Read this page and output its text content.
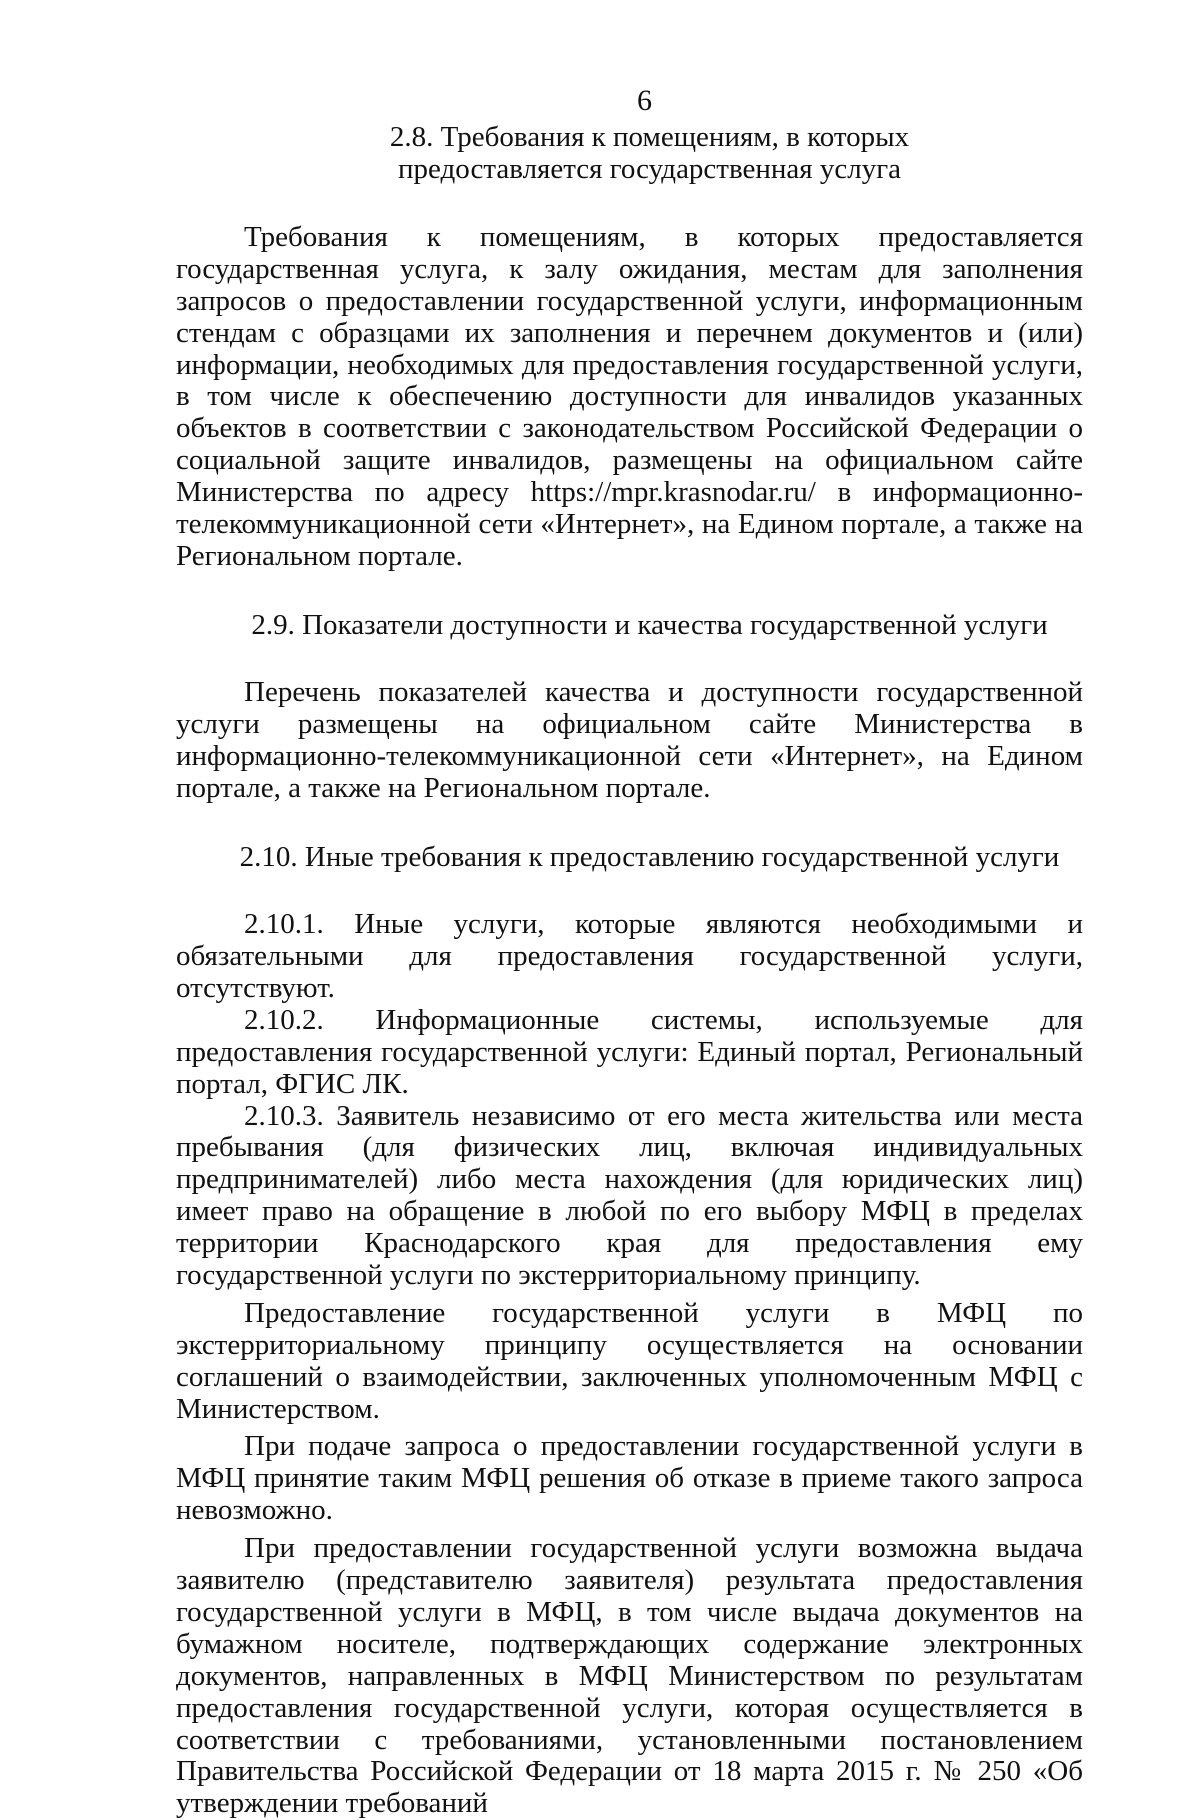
6

2.8. Требования к помещениям, в которых
предоставляется государственная услуга

Требования к помещениям, в которых предоставляется государственная услуга, к залу ожидания, местам для заполнения запросов о предоставлении государственной услуги, информационным стендам с образцами их заполнения и перечнем документов и (или) информации, необходимых для предоставления государственной услуги, в том числе к обеспечению доступности для инвалидов указанных объектов в соответствии с законодательством Российской Федерации о социальной защите инвалидов, размещены на официальном сайте Министерства по адресу https://mpr.krasnodar.ru/ в информационно-телекоммуникационной сети «Интернет», на Едином портале, а также на Региональном портале.

2.9. Показатели доступности и качества государственной услуги

Перечень показателей качества и доступности государственной услуги размещены на официальном сайте Министерства в информационно-телекоммуникационной сети «Интернет», на Едином портале, а также на Региональном портале.

2.10. Иные требования к предоставлению государственной услуги

2.10.1. Иные услуги, которые являются необходимыми и обязательными для предоставления государственной услуги, отсутствуют.

2.10.2. Информационные системы, используемые для предоставления государственной услуги: Единый портал, Региональный портал, ФГИС ЛК.

2.10.3. Заявитель независимо от его места жительства или места пребывания (для физических лиц, включая индивидуальных предпринимателей) либо места нахождения (для юридических лиц) имеет право на обращение в любой по его выбору МФЦ в пределах территории Краснодарского края для предоставления ему государственной услуги по экстерриториальному принципу.

Предоставление государственной услуги в МФЦ по экстерриториальному принципу осуществляется на основании соглашений о взаимодействии, заключенных уполномоченным МФЦ с Министерством.

При подаче запроса о предоставлении государственной услуги в МФЦ принятие таким МФЦ решения об отказе в приеме такого запроса невозможно.

При предоставлении государственной услуги возможна выдача заявителю (представителю заявителя) результата предоставления государственной услуги в МФЦ, в том числе выдача документов на бумажном носителе, подтверждающих содержание электронных документов, направленных в МФЦ Министерством по результатам предоставления государственной услуги, которая осуществляется в соответствии с требованиями, установленными постановлением Правительства Российской Федерации от 18 марта 2015 г. № 250 «Об утверждении требований
